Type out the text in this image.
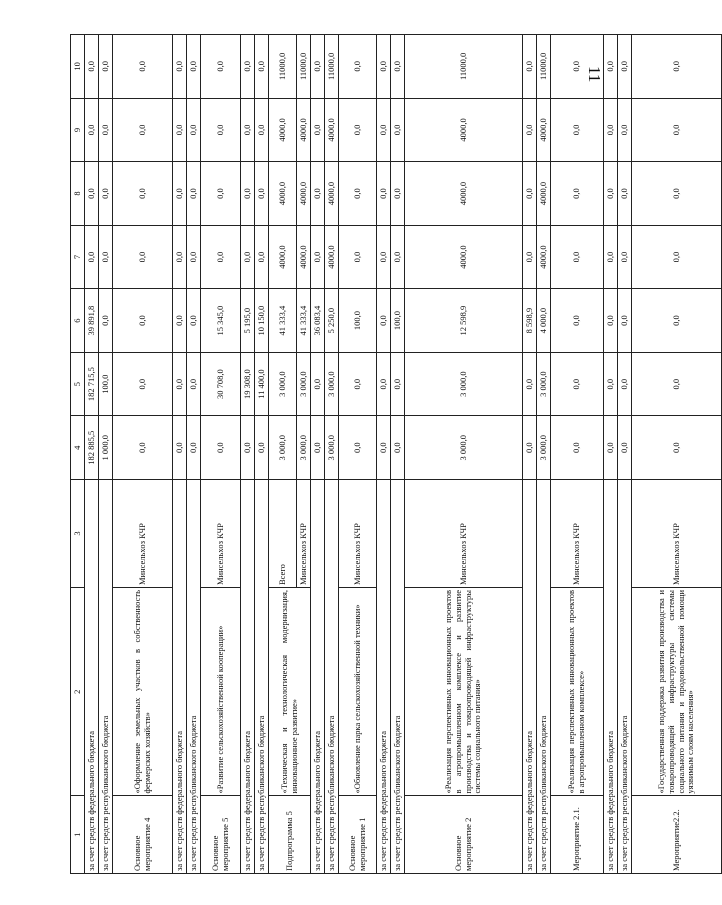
11
1	2	3	4	5	6	7	8	9	10
за счет средств федерального бюджета			182 885,5	182 715,5	39 891,8	0,0	0,0	0,0	0,0
за счет средств республиканского бюджета			1 000,0	100,0	0,0	0,0	0,0	0,0	0,0
Основное мероприятие 4	«Оформление земельных участков в собственность фермерских хозяйств»	Минсельхоз КЧР	0,0	0,0	0,0	0,0	0,0	0,0	0,0
за счет средств федерального бюджета			0,0	0,0	0,0	0,0	0,0	0,0	0,0
за счет средств республиканского бюджета			0,0	0,0	0,0	0,0	0,0	0,0	0,0
Основное мероприятие 5	«Развитие сельскохозяйственной кооперации»	Минсельхоз КЧР	0,0	30 708,0	15 345,0	0,0	0,0	0,0	0,0
за счет средств федерального бюджета			0,0	19 308,0	5 195,0	0,0	0,0	0,0	0,0
за счет средств республиканского бюджета			0,0	11 400,0	10 150,0	0,0	0,0	0,0	0,0
Подпрограмма 5	«Техническая и технологическая модернизация, инновационное развитие»	Всего	3 000,0	3 000,0	41 333,4	4000,0	4000,0	4000,0	11000,0
		Минсельхоз КЧР	3 000,0	3 000,0	41 333,4	4000,0	4000,0	4000,0	11000,0
за счет средств федерального бюджета			0,0	0,0	36 083,4	0,0	0,0	0,0	0,0
за счет средств республиканского бюджета			3 000,0	3 000,0	5 250,0	4000,0	4000,0	4000,0	11000,0
Основное мероприятие 1	«Обновление парка сельскохозяйственной техники»	Минсельхоз КЧР	0,0	0,0	100,0	0,0	0,0	0,0	0,0
за счет средств федерального бюджета			0,0	0,0	0,0	0,0	0,0	0,0	0,0
за счет средств республиканского бюджета			0,0	0,0	100,0	0,0	0,0	0,0	0,0
Основное мероприятие 2	«Реализация перспективных инновационных проектов в агропромышленном комплексе и развитие производства и товаропроводящей инфраструктуры системы социального питания»	Минсельхоз КЧР	3 000,0	3 000,0	12 598,9	4000,0	4000,0	4000,0	11000,0
за счет средств федерального бюджета			0,0	0,0	8 598,9	0,0	0,0	0,0	0,0
за счет средств республиканского бюджета			3 000,0	3 000,0	4 000,0	4000,0	4000,0	4000,0	11000,0
Мероприятие 2.1.	«Реализация перспективных инновационных проектов в агропромышленном комплексе»	Минсельхоз КЧР	0,0	0,0	0,0	0,0	0,0	0,0	0,0
за счет средств федерального бюджета			0,0	0,0	0,0	0,0	0,0	0,0	0,0
за счет средств республиканского бюджета			0,0	0,0	0,0	0,0	0,0	0,0	0,0
Мероприятие2.2.	«Государственная поддержка развития производства и товаропроводящей инфраструктуры системы социального питания и продовольственной помощи уязвимым слоям населения»	Минсельхоз КЧР	0,0	0,0	0,0	0,0	0,0	0,0	0,0
